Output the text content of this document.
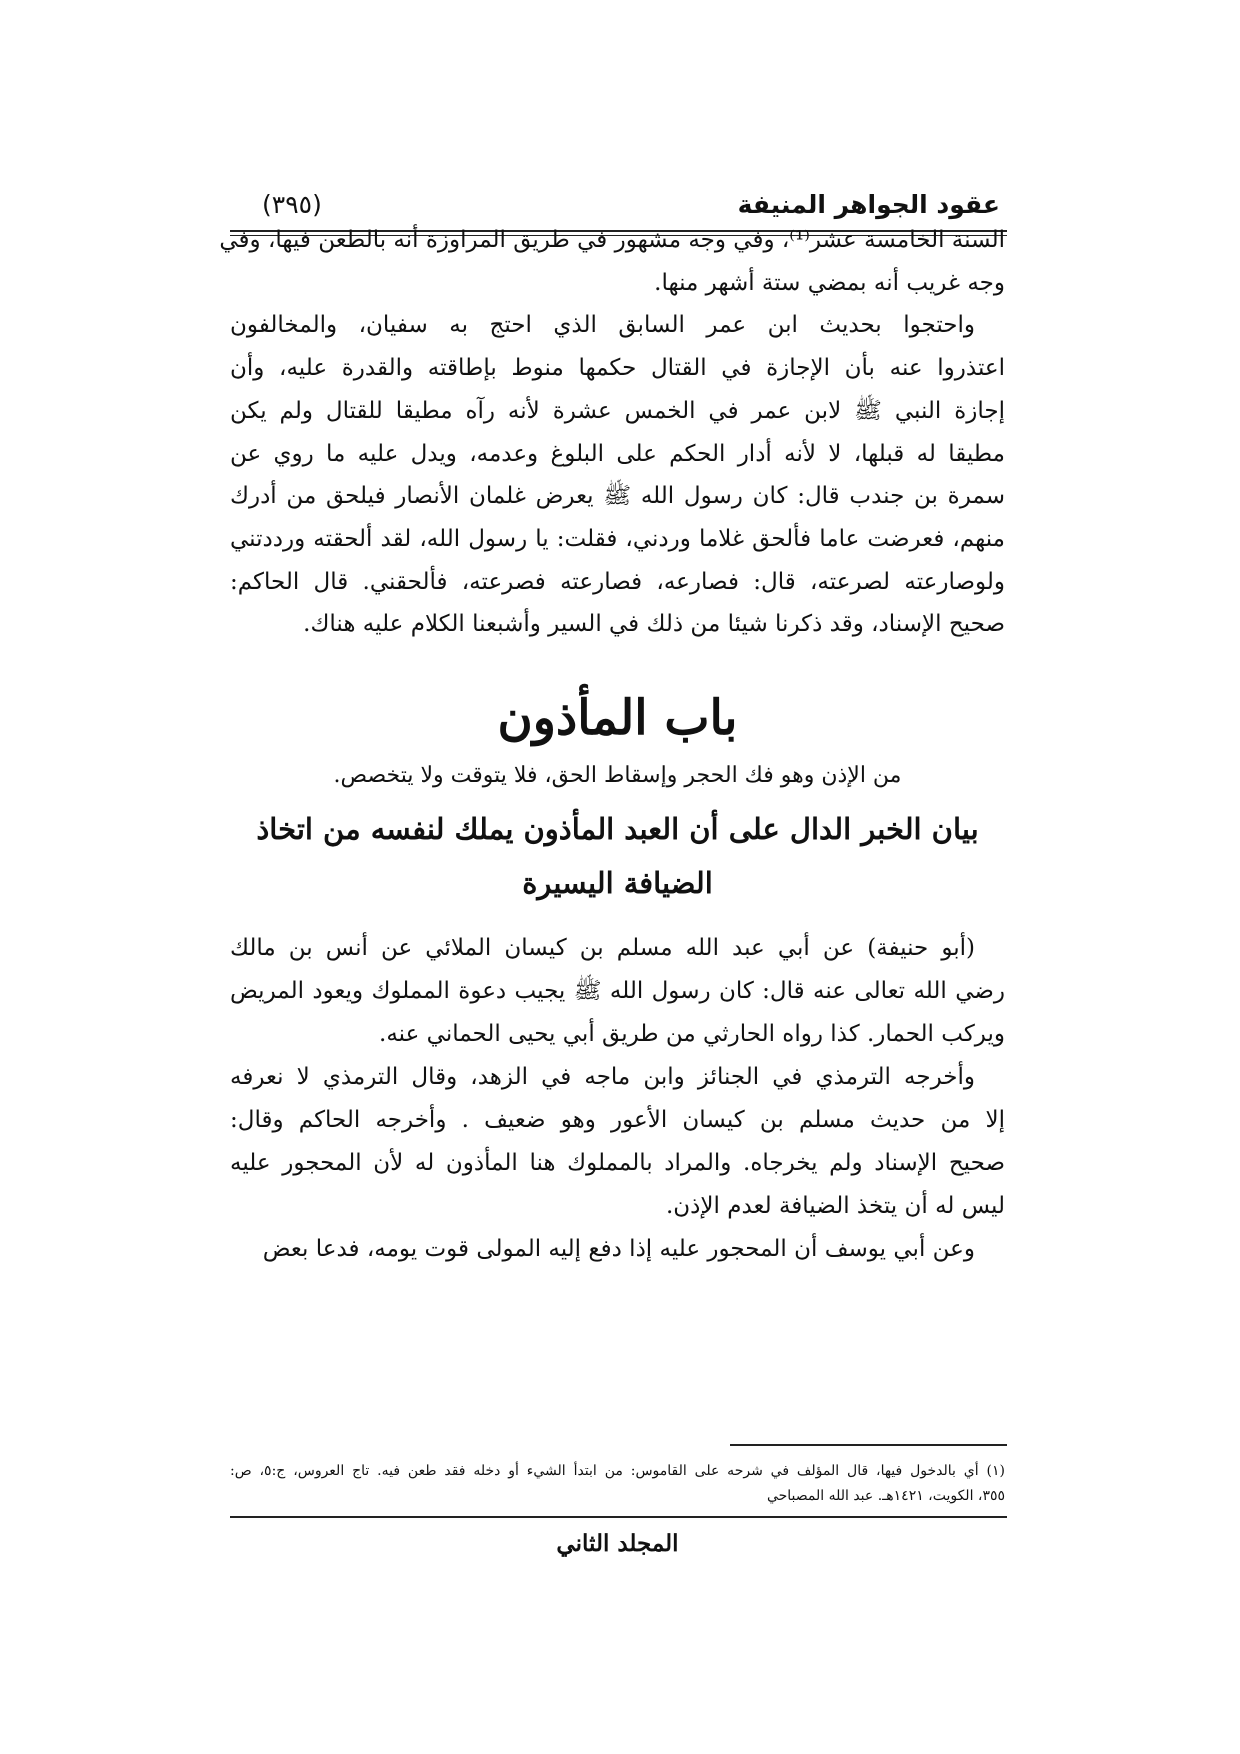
عقود الجواهر المنيفة
(٣٩٥)
السنة الخامسة عشر⁽¹⁾، وفي وجه مشهور في طريق المراوزة أنه بالطعن فيها، وفي
وجه غريب أنه بمضي ستة أشهر منها.
واحتجوا بحديث ابن عمر السابق الذي احتج به سفيان، والمخالفون
اعتذروا عنه بأن الإجازة في القتال حكمها منوط بإطاقته والقدرة عليه، وأن
إجازة النبي ﷺ لابن عمر في الخمس عشرة لأنه رآه مطيقا للقتال ولم يكن
مطيقا له قبلها، لا لأنه أدار الحكم على البلوغ وعدمه، ويدل عليه ما روي عن
سمرة بن جندب قال: كان رسول الله ﷺ يعرض غلمان الأنصار فيلحق من أدرك
منهم، فعرضت عاما فألحق غلاما وردني، فقلت: يا رسول الله، لقد ألحقته ورددتني
ولوصارعته لصرعته، قال: فصارعه، فصارعته فصرعته، فألحقني. قال الحاكم:
صحيح الإسناد، وقد ذكرنا شيئا من ذلك في السير وأشبعنا الكلام عليه هناك.
باب المأذون
من الإذن وهو فك الحجر وإسقاط الحق، فلا يتوقت ولا يتخصص.
بيان الخبر الدال على أن العبد المأذون يملك لنفسه من اتخاذ
الضيافة اليسيرة
(أبو حنيفة) عن أبي عبد الله مسلم بن كيسان الملائي عن أنس بن مالك
رضي الله تعالى عنه قال: كان رسول الله ﷺ يجيب دعوة المملوك ويعود المريض
ويركب الحمار. كذا رواه الحارثي من طريق أبي يحيى الحماني عنه.
وأخرجه الترمذي في الجنائز وابن ماجه في الزهد، وقال الترمذي لا نعرفه
إلا من حديث مسلم بن كيسان الأعور وهو ضعيف . وأخرجه الحاكم وقال:
صحيح الإسناد ولم يخرجاه. والمراد بالمملوك هنا المأذون له لأن المحجور عليه
ليس له أن يتخذ الضيافة لعدم الإذن.
وعن أبي يوسف أن المحجور عليه إذا دفع إليه المولى قوت يومه، فدعا بعض
(١) أي بالدخول فيها، قال المؤلف في شرحه على القاموس: من ابتدأ الشيء أو دخله فقد طعن فيه. تاج العروس، ج:٥، ص:
٣٥٥، الكويت، ١٤٢١هـ. عبد الله المصباحي
المجلد الثاني
